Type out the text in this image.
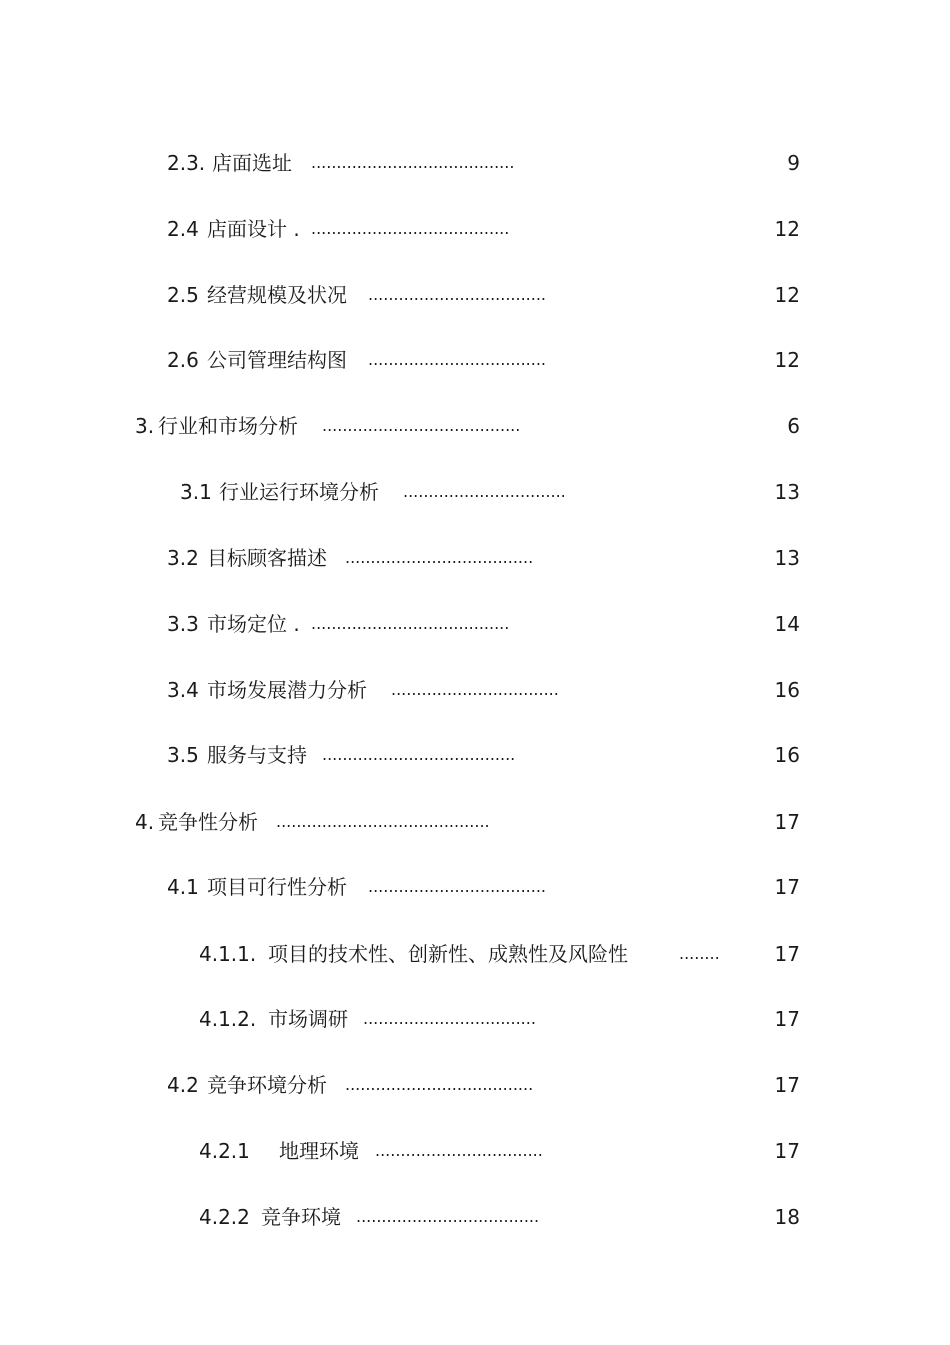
2.3. 店面选址 ........................................	9
2.4 店面设计 . .......................................	12
2.5 经营规模及状况 ...................................	12
2.6 公司管理结构图 ...................................	12
3. 行业和市场分析 .......................................	6
3.1 行业运行环境分析 ................................	13
3.2 目标顾客描述 .....................................	13
3.3 市场定位 . .......................................	14
3.4 市场发展潜力分析 .................................	16
3.5 服务与支持 ......................................	16
4. 竞争性分析 ..........................................	17
4.1 项目可行性分析 ...................................	17
4.1.1. 项目的技术性、创新性、成熟性及风险性	........	17
4.1.2. 市场调研 ..................................	17
4.2 竞争环境分析 .....................................	17
4.2.1 地理环境 .................................	17
4.2.2 竞争环境 ....................................	18
